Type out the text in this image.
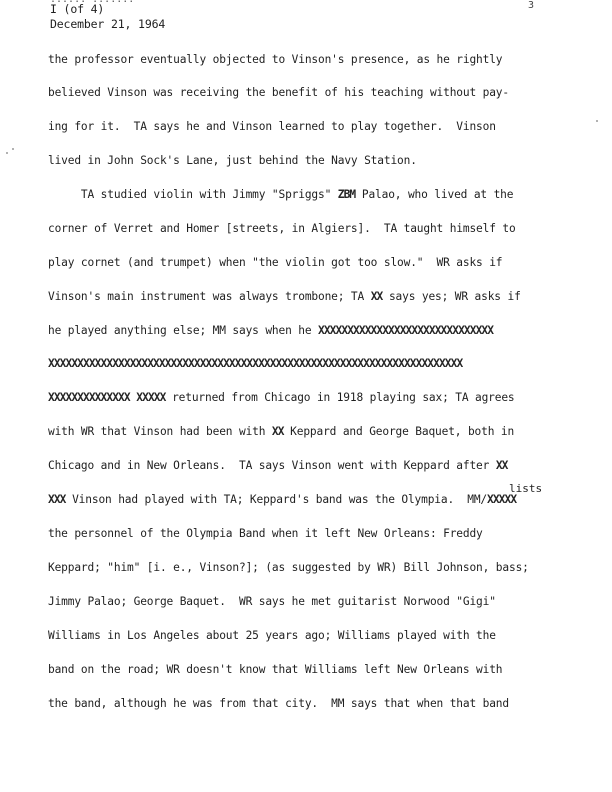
3
I (of 4)
December 21, 1964
the professor eventually objected to Vinson's presence, as he rightly
believed Vinson was receiving the benefit of his teaching without pay-
ing for it.  TA says he and Vinson learned to play together.  Vinson
lived in John Sock's Lane, just behind the Navy Station.
TA studied violin with Jimmy "Spriggs" ZBM Palao, who lived at the
corner of Verret and Homer [streets, in Algiers].  TA taught himself to
play cornet (and trumpet) when "the violin got too slow."  WR asks if
Vinson's main instrument was always trombone; TA XX says yes; WR asks if
he played anything else; MM says when he XXXXXXXXXXXXXXXXXXXXXXXXXXXXXX
XXXXXXXXXXXXXXXXXXXXXXXXXXXXXXXXXXXXXXXXXXXXXXXXXXXXXXXXXXXXXXXXXXXXXXX
XXXXXXXXXXXXXX XXXXX returned from Chicago in 1918 playing sax; TA agrees
with WR that Vinson had been with XX Keppard and George Baquet, both in
Chicago and in New Orleans.  TA says Vinson went with Keppard after XX
lists
XXX Vinson had played with TA; Keppard's band was the Olympia.  MM/XXXXX
the personnel of the Olympia Band when it left New Orleans: Freddy
Keppard; "him" [i. e., Vinson?]; (as suggested by WR) Bill Johnson, bass;
Jimmy Palao; George Baquet.  WR says he met guitarist Norwood "Gigi"
Williams in Los Angeles about 25 years ago; Williams played with the
band on the road; WR doesn't know that Williams left New Orleans with
the band, although he was from that city.  MM says that when that band
